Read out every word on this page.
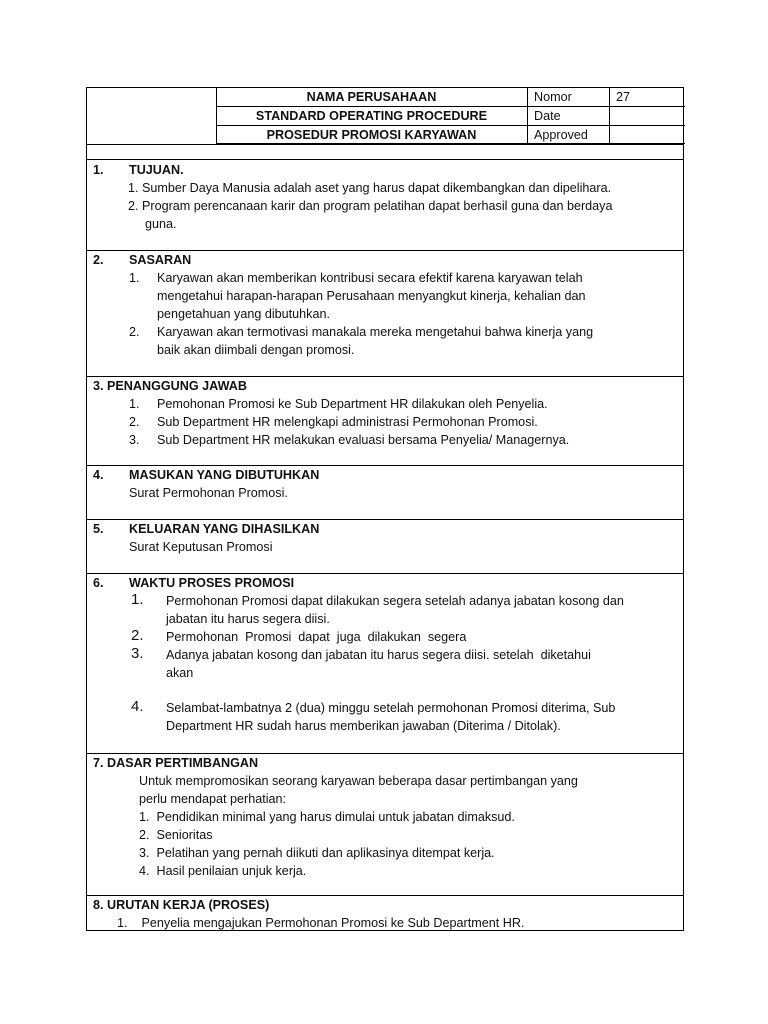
NAMA PERUSAHAAN	Nomor	27
STANDARD OPERATING PROCEDURE	Date
PROSEDUR PROMOSI KARYAWAN	Approved
1. TUJUAN.
1. Sumber Daya Manusia adalah aset yang harus dapat dikembangkan dan dipelihara.
2. Program perencanaan karir dan program pelatihan dapat berhasil guna dan berdaya
guna.
2. SASARAN
1. Karyawan akan memberikan kontribusi secara efektif karena karyawan telah
mengetahui harapan-harapan Perusahaan menyangkut kinerja, kehalian dan
pengetahuan yang dibutuhkan.
2. Karyawan akan termotivasi manakala mereka mengetahui bahwa kinerja yang
baik akan diimbali dengan promosi.
3. PENANGGUNG JAWAB
1. Pemohonan Promosi ke Sub Department HR dilakukan oleh Penyelia.
2. Sub Department HR melengkapi administrasi Permohonan Promosi.
3. Sub Department HR melakukan evaluasi bersama Penyelia/ Managernya.
4. MASUKAN YANG DIBUTUHKAN
Surat Permohonan Promosi.
5. KELUARAN YANG DIHASILKAN
Surat Keputusan Promosi
6. WAKTU PROSES PROMOSI
1. Permohonan Promosi dapat dilakukan segera setelah adanya jabatan kosong dan
jabatan itu harus segera diisi.
2. Permohonan  Promosi  dapat  juga  dilakukan  segera
3. Adanya jabatan kosong dan jabatan itu harus segera diisi. setelah  diketahui
akan
4. Selambat-lambatnya 2 (dua) minggu setelah permohonan Promosi diterima, Sub
Department HR sudah harus memberikan jawaban (Diterima / Ditolak).
7. DASAR PERTIMBANGAN
Untuk mempromosikan seorang karyawan beberapa dasar pertimbangan yang
perlu mendapat perhatian:
1.  Pendidikan minimal yang harus dimulai untuk jabatan dimaksud.
2.  Senioritas
3.  Pelatihan yang pernah diikuti dan aplikasinya ditempat kerja.
4.  Hasil penilaian unjuk kerja.
8. URUTAN KERJA (PROSES)
1.    Penyelia mengajukan Permohonan Promosi ke Sub Department HR.
